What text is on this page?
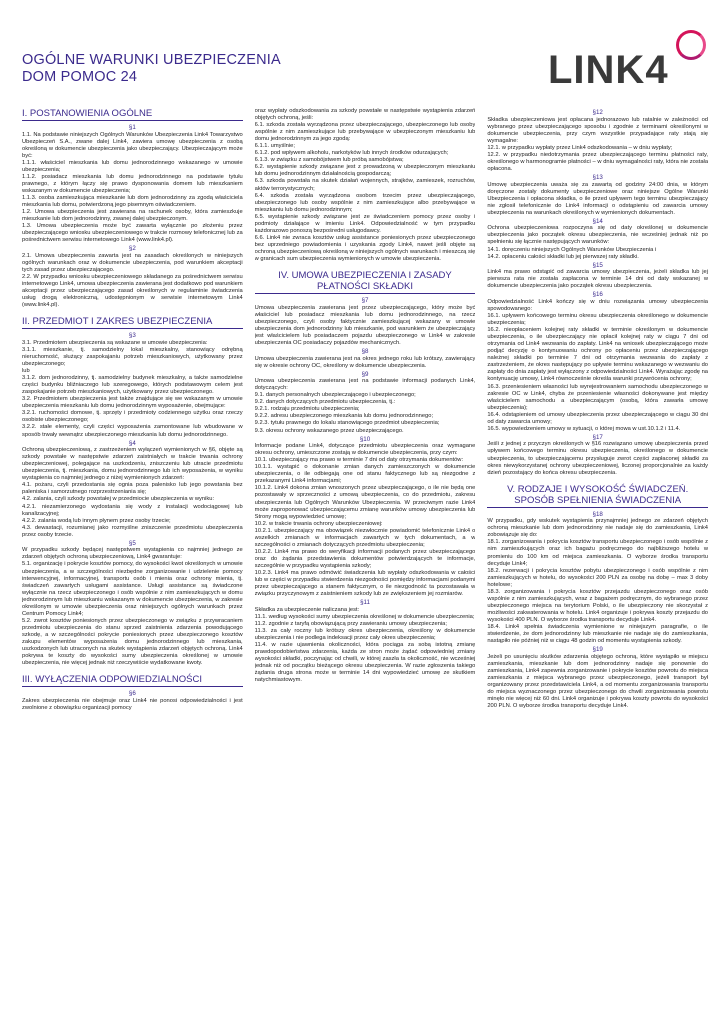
OGÓLNE WARUNKI UBEZPIECZENIA
DOM POMOC 24	LINK4
I. POSTANOWIENIA OGÓLNE
§1
1.1. Na podstawie niniejszych Ogólnych Warunków Ubezpieczenia Link4 Towarzystwo Ubezpieczeń S.A., zwane dalej Link4, zawiera umowę ubezpieczenia z osobą określoną w dokumencie ubezpieczenia jako ubezpieczający. Ubezpieczającym może być:
1.1.1. właściciel mieszkania lub domu jednorodzinnego wskazanego w umowie ubezpieczenia;
1.1.2. posiadacz mieszkania lub domu jednorodzinnego na podstawie tytułu prawnego, z którym łączy się prawo dysponowania domem lub mieszkaniem wskazanym w dokumencie ubezpieczenia;
1.1.3. osoba zamieszkująca mieszkanie lub dom jednorodzinny za zgodą właściciela mieszkania lub domu, potwierdzoną jego pisemnym oświadczeniem.
1.2. Umowa ubezpieczenia jest zawierana na rachunek osoby, która zamieszkuje mieszkanie lub dom jednorodzinny, zwanej dalej ubezpieczonym.
1.3. Umowa ubezpieczenia może być zawarta wyłącznie po złożeniu przez ubezpieczającego wniosku ubezpieczeniowego w trakcie rozmowy telefonicznej lub za pośrednictwem serwisu internetowego Link4 (www.link4.pl).
§2
2.1. Umowa ubezpieczenia zawarta jest na zasadach określonych w niniejszych ogólnych warunkach oraz w dokumencie ubezpieczenia, pod warunkiem akceptacji tych zasad przez ubezpieczającego.
2.2. W przypadku wniosku ubezpieczeniowego składanego za pośrednictwem serwisu internetowego Link4, umowa ubezpieczenia zawierana jest dodatkowo pod warunkiem akceptacji przez ubezpieczającego zasad określonych w regulaminie świadczenia usług drogą elektroniczną, udostępnionym w serwisie internetowym Link4 (www.link4.pl).
II. PRZEDMIOT I ZAKRES UBEZPIECZENIA
§3
3.1. Przedmiotem ubezpieczenia są wskazane w umowie ubezpieczenia:
3.1.1. mieszkanie, tj. samodzielny lokal mieszkalny, stanowiący odrębną nieruchomość, służący zaspokajaniu potrzeb mieszkaniowych, użytkowany przez ubezpieczonego;
lub
3.1.2. dom jednorodzinny, tj. samodzielny budynek mieszkalny, a także samodzielne części budynku bliźniaczego lub szeregowego, których podstawowym celem jest zaspokajanie potrzeb mieszkaniowych, użytkowany przez ubezpieczonego.
3.2. Przedmiotem ubezpieczenia jest także znajdujące się we wskazanym w umowie ubezpieczenia mieszkaniu lub domu jednorodzinnym wyposażenie, obejmujące:
3.2.1. ruchomości domowe, tj. sprzęty i przedmioty codziennego użytku oraz rzeczy osobiste ubezpieczonego;
3.2.2. stałe elementy, czyli części wyposażenia zamontowane lub wbudowane w sposób trwały wewnątrz ubezpieczonego mieszkania lub domu jednorodzinnego.
§4
Ochroną ubezpieczeniową, z zastrzeżeniem wyłączeń wymienionych w §6, objęte są szkody powstałe w następstwie zdarzeń zaistniałych w trakcie trwania ochrony ubezpieczeniowej, polegające na uszkodzeniu, zniszczeniu lub utracie przedmiotu ubezpieczenia, tj. mieszkania, domu jednorodzinnego lub ich wyposażenia, w wyniku wystąpienia co najmniej jednego z niżej wymienionych zdarzeń:
4.1. pożaru, czyli przedostania się ognia poza palenisko lub jego powstania bez paleniska i samorzutnego rozprzestrzeniania się;
4.2. zalania, czyli szkody powstałej w przedmiocie ubezpieczenia w wyniku:
4.2.1. niezamierzonego wydostania się wody z instalacji wodociągowej lub kanalizacyjnej;
4.2.2. zalania wodą lub innym płynem przez osoby trzecie;
4.3. dewastacji, rozumianej jako rozmyślne zniszczenie przedmiotu ubezpieczenia przez osoby trzecie.
§5
W przypadku szkody będącej następstwem wystąpienia co najmniej jednego ze zdarzeń objętych ochroną ubezpieczeniową, Link4 gwarantuje:
5.1. organizację i pokrycie kosztów pomocy, do wysokości kwot określonych w umowie ubezpieczenia, a w szczególności niezbędne zorganizowanie i udzielenie pomocy interwencyjnej, informacyjnej, transportu osób i mienia oraz ochrony mienia, tj. świadczeń zawartych usługami assistance. Usługi assistance są świadczone wyłącznie na rzecz ubezpieczonego i osób wspólnie z nim zamieszkujących w domu jednorodzinnym lub mieszkaniu wskazanym w dokumencie ubezpieczenia, w zakresie określonym w umowie ubezpieczenia oraz niniejszych ogólnych warunkach przez Centrum Pomocy Link4;
5.2. zwrot kosztów poniesionych przez ubezpieczonego w związku z przywracaniem przedmiotu ubezpieczenia do stanu sprzed zaistnienia zdarzenia powodującego szkodę, a w szczególności pokrycie poniesionych przez ubezpieczonego kosztów zakupu elementów wyposażenia domu jednorodzinnego lub mieszkania, uszkodzonych lub utraconych na skutek wystąpienia zdarzeń objętych ochroną. Link4 pokrywa te koszty do wysokości sumy ubezpieczenia określonej w umowie ubezpieczenia, nie więcej jednak niż rzeczywiście wydatkowane kwoty.
III. WYŁĄCZENIA ODPOWIEDZIALNOŚCI
§6
Zakres ubezpieczenia nie obejmuje oraz Link4 nie ponosi odpowiedzialności i jest zwolnione z obowiązku organizacji pomocy
oraz wypłaty odszkodowania za szkody powstałe w następstwie wystąpienia zdarzeń objętych ochroną, jeśli:
6.1. szkoda została wyrządzona przez ubezpieczającego, ubezpieczonego lub osoby wspólnie z nim zamieszkujące lub przebywające w ubezpieczonym mieszkaniu lub domu jednorodzinnym za jego zgodą:
6.1.1. umyślnie;
6.1.2. pod wpływem alkoholu, narkotyków lub innych środków odurzających;
6.1.3. w związku z samobójstwem lub próbą samobójstwa;
6.2. wystąpienie szkody związane jest z prowadzoną w ubezpieczonym mieszkaniu lub domu jednorodzinnym działalnością gospodarczą;
6.3. szkoda powstała na skutek działań wojennych, strajków, zamieszek, rozruchów, aktów terrorystycznych;
6.4. szkoda została wyrządzona osobom trzecim przez ubezpieczającego, ubezpieczonego lub osoby wspólnie z nim zamieszkujące albo przebywające w mieszkaniu lub domu jednorodzinnym;
6.5. wystąpienie szkody związane jest ze świadczeniem pomocy przez osoby i podmioty działające w imieniu Link4. Odpowiedzialność w tym przypadku każdorazowo ponoszą bezpośredni usługodawcy.
6.6. Link4 nie zwraca kosztów usług assistance poniesionych przez ubezpieczonego bez uprzedniego powiadomienia i uzyskania zgody Link4, nawet jeśli objęte są ochroną ubezpieczeniową określoną w niniejszych ogólnych warunkach i mieszczą się w granicach sum ubezpieczenia wymienionych w umowie ubezpieczenia.
IV. UMOWA UBEZPIECZENIA I ZASADY
PŁATNOŚCI SKŁADKI
§7
Umowa ubezpieczenia zawierana jest przez ubezpieczającego, który może być właściciel lub posiadacz mieszkania lub domu jednorodzinnego, na rzecz ubezpieczonego, czyli osoby faktycznie zamieszkującej wskazany w umowie ubezpieczenia dom jednorodzinny lub mieszkanie, pod warunkiem że ubezpieczający jest właścicielem lub posiadaczem pojazdu ubezpieczonego w Link4 w zakresie ubezpieczenia OC posiadaczy pojazdów mechanicznych.
§8
Umowa ubezpieczenia zawierana jest na okres jednego roku lub krótszy, zawierający się w okresie ochrony OC, określony w dokumencie ubezpieczenia.
§9
Umowa ubezpieczenia zawierana jest na podstawie informacji podanych Link4, dotyczących:
9.1. danych personalnych ubezpieczającego i ubezpieczonego;
9.2. danych dotyczących przedmiotu ubezpieczenia, tj.:
9.2.1. rodzaju przedmiotu ubezpieczenia;
9.2.2. adresu ubezpieczonego mieszkania lub domu jednorodzinnego;
9.2.3. tytułu prawnego do lokalu stanowiącego przedmiot ubezpieczenia;
9.3. okresu ochrony wskazanego przez ubezpieczającego.
§10
Informacje podane Link4, dotyczące przedmiotu ubezpieczenia oraz wymagane okresu ochrony, umieszczone zostają w dokumencie ubezpieczenia, przy czym:
10.1. ubezpieczający ma prawo w terminie 7 dni od daty otrzymania dokumentów:
10.1.1. wystąpić o dokonanie zmian danych zamieszczonych w dokumencie ubezpieczenia, o ile odbiegają one od stanu faktycznego lub są niezgodne z przekazanymi Link4 informacjami;
10.1.2. Link4 dokona zmian wnoszonych przez ubezpieczającego, o ile nie będą one pozostawały w sprzeczności z umową ubezpieczenia, co do przedmiotu, zakresu ubezpieczenia lub Ogólnych Warunków Ubezpieczenia. W przeciwnym razie Link4 może zaproponować ubezpieczającemu zmianę warunków umowy ubezpieczenia lub Strony mogą wypowiedzieć umowę;
10.2. w trakcie trwania ochrony ubezpieczeniowej:
10.2.1. ubezpieczający ma obowiązek niezwłocznie powiadomić telefonicznie Link4 o wszelkich zmianach w informacjach zawartych w tych dokumentach, a w szczególności o zmianach dotyczących przedmiotu ubezpieczenia;
10.2.2. Link4 ma prawo do weryfikacji informacji podanych przez ubezpieczającego oraz do żądania przedstawienia dokumentów potwierdzających te informacje, szczególnie w przypadku wystąpienia szkody;
10.2.3. Link4 ma prawo odmówić świadczenia lub wypłaty odszkodowania w całości lub w części w przypadku stwierdzenia niezgodności pomiędzy informacjami podanymi przez ubezpieczającego a stanem faktycznym, o ile niezgodność ta pozostawała w związku przyczynowym z zaistnieniem szkody lub ze zwiększeniem jej rozmiarów.
§11
Składka za ubezpieczenie naliczana jest:
11.1. według wysokości sumy ubezpieczenia określonej w dokumencie ubezpieczenia;
11.2. zgodnie z taryfą obowiązującą przy zawieraniu umowy ubezpieczenia;
11.3. za cały roczny lub krótszy okres ubezpieczenia, określony w dokumencie ubezpieczenia i nie podlega indeksacji przez cały okres ubezpieczenia;
11.4. w razie ujawnienia okoliczności, która pociąga za sobą istotną zmianę prawdopodobieństwa zdarzenia, każda ze stron może żądać odpowiedniej zmiany wysokości składki, poczynając od chwili, w której zaszła ta okoliczność, nie wcześniej jednak niż od początku bieżącego okresu ubezpieczenia. W razie zgłoszenia takiego żądania druga strona może w terminie 14 dni wypowiedzieć umowę ze skutkiem natychmiastowym.
§12
Składka ubezpieczeniowa jest opłacana jednorazowo lub ratalnie w zależności od wybranego przez ubezpieczającego sposobu i zgodnie z terminami określonymi w dokumencie ubezpieczenia, przy czym wszystkie przypadające raty stają się wymagalne:
12.1. w przypadku wypłaty przez Link4 odszkodowania – w dniu wypłaty;
12.2. w przypadku niedotrzymania przez ubezpieczającego terminu płatności raty, określonego w harmonogramie płatności – w dniu wymagalności raty, która nie została opłacona.
§13
Umowę ubezpieczenia uważa się za zawartą od godziny 24:00 dnia, w którym doręczone zostały dokumenty ubezpieczeniowe oraz niniejsze Ogólne Warunki Ubezpieczenia i opłacona składka, o ile przed upływem tego terminu ubezpieczający nie zgłosił telefonicznie do Link4 informacji o odstąpieniu od zawarcia umowy ubezpieczenia na warunkach określonych w wymienionych dokumentach.
§14
Ochrona ubezpieczeniowa rozpoczyna się od daty określonej w dokumencie ubezpieczenia jako początek okresu ubezpieczenia, nie wcześniej jednak niż po spełnieniu się łącznie następujących warunków:
14.1. doręczeniu niniejszych Ogólnych Warunków Ubezpieczenia i
14.2. opłaceniu całości składki lub jej pierwszej raty składki.
§15
Link4 ma prawo odstąpić od zawarcia umowy ubezpieczenia, jeżeli składka lub jej pierwsza rata nie została zapłacona w terminie 14 dni od daty wskazanej w dokumencie ubezpieczenia jako początek okresu ubezpieczenia.
§16
Odpowiedzialność Link4 kończy się w dniu rozwiązania umowy ubezpieczenia spowodowanego:
16.1. upływem końcowego terminu okresu ubezpieczenia określonego w dokumencie ubezpieczenia;
16.2. nieopłaceniem kolejnej raty składki w terminie określonym w dokumencie ubezpieczenia, o ile ubezpieczający nie opłacił kolejnej raty w ciągu 7 dni od otrzymania od Link4 wezwania do zapłaty. Link4 na wniosek ubezpieczającego może podjąć decyzję o kontynuowaniu ochrony po opłaceniu przez ubezpieczającego należnej składki po terminie 7 dni od otrzymania wezwania do zapłaty z zastrzeżeniem, że okres następujący po upływie terminu wskazanego w wezwaniu do zapłaty do dnia zapłaty jest wyłączony z odpowiedzialności Link4. Wyrażając zgodę na kontynuację umowy, Link4 równocześnie określa warunki przywrócenia ochrony;
16.3. przeniesieniem własności lub wyrejestrowaniem samochodu ubezpieczonego w zakresie OC w Link4, chyba że przeniesienie własności dokonywane jest między właścicielem samochodu a ubezpieczającym (osobą, która zawarła umowę ubezpieczenia);
16.4. odstąpieniem od umowy ubezpieczenia przez ubezpieczającego w ciągu 30 dni od daty zawarcia umowy;
16.5. wypowiedzeniem umowy w sytuacji, o której mowa w ust.10.1.2 i 11.4.
§17
Jeśli z jednej z przyczyn określonych w §16 rozwiązano umowę ubezpieczenia przed upływem końcowego terminu okresu ubezpieczenia, określonego w dokumencie ubezpieczenia, to ubezpieczającemu przysługuje zwrot części zapłaconej składki za okres niewykorzystanej ochrony ubezpieczeniowej, liczonej proporcjonalnie za każdy dzień pozostający do końca okresu ubezpieczenia.
V. RODZAJE I WYSOKOŚĆ ŚWIADCZEŃ.
SPOSÓB SPEŁNIENIA ŚWIADCZENIA
§18
W przypadku, gdy wskutek wystąpienia przynajmniej jednego ze zdarzeń objętych ochroną mieszkanie lub dom jednorodzinny nie nadaje się do zamieszkania, Link4 zobowiązuje się do:
18.1. zorganizowania i pokrycia kosztów transportu ubezpieczonego i osób wspólnie z nim zamieszkujących oraz ich bagażu podręcznego do najbliższego hotelu w promieniu do 100 km od miejsca zamieszkania. O wyborze środka transportu decyduje Link4;
18.2. rezerwacji i pokrycia kosztów pobytu ubezpieczonego i osób wspólnie z nim zamieszkujących w hotelu, do wysokości 200 PLN za osobę na dobę – max 3 doby hotelowe;
18.3. zorganizowania i pokrycia kosztów przejazdu ubezpieczonego oraz osób wspólnie z nim zamieszkujących, wraz z bagażem podręcznym, do wybranego przez ubezpieczonego miejsca na terytorium Polski, o ile ubezpieczony nie skorzystał z możliwości zakwaterowania w hotelu. Link4 organizuje i pokrywa koszty przejazdu do wysokości 400 PLN. O wyborze środka transportu decyduje Link4.
18.4. Link4 spełnia świadczenia wymienione w niniejszym paragrafie, o ile stwierdzenie, że dom jednorodzinny lub mieszkanie nie nadaje się do zamieszkania, nastąpiło nie później niż w ciągu 48 godzin od momentu wystąpienia szkody.
§19
Jeżeli po usunięciu skutków zdarzenia objętego ochroną, które wystąpiło w miejscu zamieszkania, mieszkanie lub dom jednorodzinny nadaje się ponownie do zamieszkania, Link4 zapewnia zorganizowanie i pokrycie kosztów powrotu do miejsca zamieszkania z miejsca wybranego przez ubezpieczonego, jeżeli transport był organizowany przez przedstawiciela Link4, a od momentu zorganizowania transportu do miejsca wyznaczonego przez ubezpieczonego do chwili zorganizowania powrotu minęło nie więcej niż 60 dni. Link4 organizuje i pokrywa koszty powrotu do wysokości 200 PLN. O wyborze środka transportu decyduje Link4.
